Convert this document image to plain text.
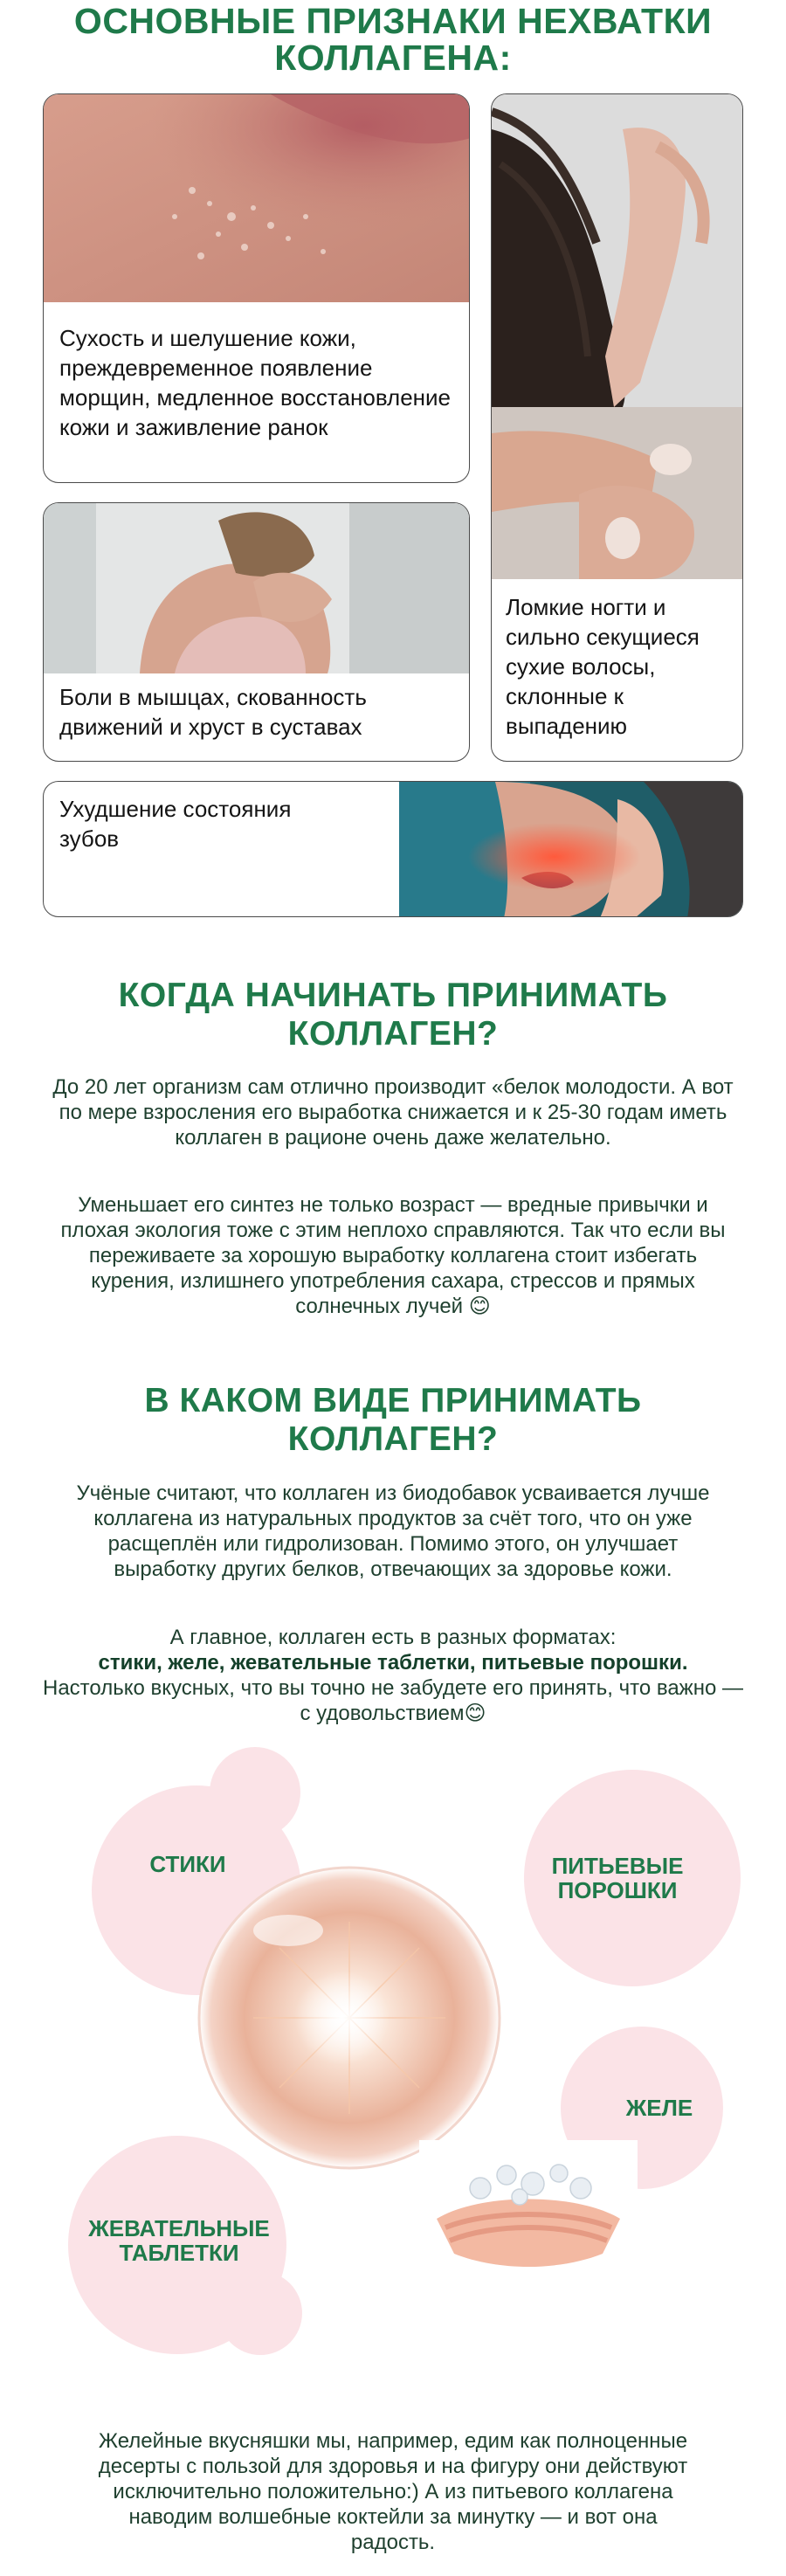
ОСНОВНЫЕ ПРИЗНАКИ НЕХВАТКИ
КОЛЛАГЕНА:
Сухость и шелушение кожи, преждевременное появление морщин, медленное восстановление кожи и заживление ранок
Ломкие ногти и сильно секущиеся сухие волосы, склонные к выпадению
Боли в мышцах, скованность движений и хруст в суставах
Ухудшение состояния зубов
КОГДА НАЧИНАТЬ ПРИНИМАТЬ
КОЛЛАГЕН?
До 20 лет организм сам отлично производит «белок молодости. А вот по мере взросления его выработка снижается и к 25-30 годам иметь коллаген в рационе очень даже желательно.
Уменьшает его синтез не только возраст — вредные привычки и плохая экология тоже с этим неплохо справляются. Так что если вы переживаете за хорошую выработку коллагена стоит избегать курения, излишнего употребления сахара, стрессов и прямых солнечных лучей 😊
В КАКОМ ВИДЕ ПРИНИМАТЬ
КОЛЛАГЕН?
Учёные считают, что коллаген из биодобавок усваивается лучше коллагена из натуральных продуктов за счёт того, что он уже расщеплён или гидролизован. Помимо этого, он улучшает выработку других белков, отвечающих за здоровье кожи.
А главное, коллаген есть в разных форматах:
стики, желе, жевательные таблетки, питьевые порошки.
Настолько вкусных, что вы точно не забудете его принять, что важно — с удовольствием😊
СТИКИ	ПИТЬЕВЫЕ ПОРОШКИ
ЖЕЛЕ
ЖЕВАТЕЛЬНЫЕ ТАБЛЕТКИ
Желейные вкусняшки мы, например, едим как полноценные десерты с пользой для здоровья и на фигуру они действуют исключительно положительно:) А из питьевого коллагена наводим волшебные коктейли за минутку — и вот она радость.
